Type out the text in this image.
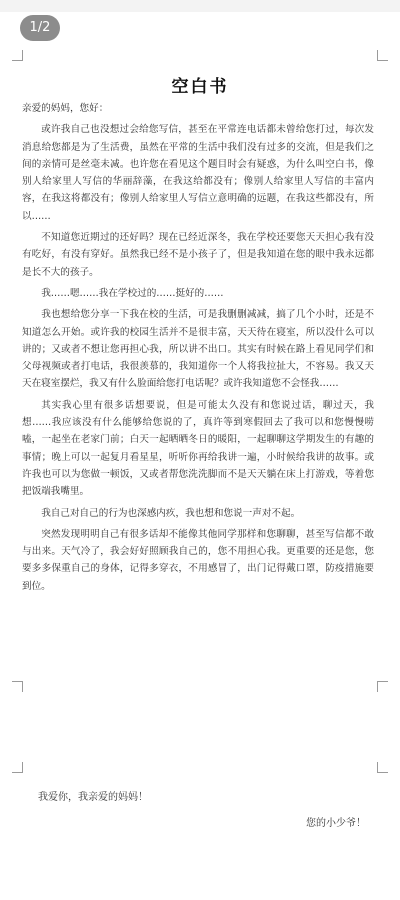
空白书

亲爱的妈妈，您好：

或许我自己也没想过会给您写信，甚至在平常连电话都未曾给您打过，每次发消息给您都是为了生活费，虽然在平常的生活中我们没有过多的交流，但是我们之间的亲情可是丝毫未减。也许您在看见这个题目时会有疑惑，为什么叫空白书，像别人给家里人写信的华丽辞藻，在我这给都没有；像别人给家里人写信的丰富内容，在我这将都没有；像别人给家里人写信立意明确的远题，在我这些都没有，所以……

不知道您近期过的还好吗？现在已经近深冬，我在学校还要您天天担心我有没有吃好，有没有穿好。虽然我已经不是小孩子了，但是我知道在您的眼中我永远都是长不大的孩子。

我……嗯……我在学校过的……挺好的……

我也想给您分享一下我在校的生活，可是我删删减减，搞了几个小时，还是不知道怎么开始。或许我的校园生活并不是很丰富，天天待在寝室，所以没什么可以讲的；又或者不想让您再担心我，所以讲不出口。其实有时候在路上看见同学们和父母视频或者打电话，我很羡慕的，我知道你一个人将我拉扯大，不容易。我又天天在寝室摆烂，我又有什么脸面给您打电话呢？或许我知道您不会怪我……

其实我心里有很多话想要说，但是可能太久没有和您说过话，聊过天，我想……我应该没有什么能够给您说的了，真许等到寒假回去了我可以和您慢慢唠嗑，一起坐在老家门前；白天一起晒晒冬日的暖阳，一起聊聊这学期发生的有趣的事情；晚上可以一起复月看星星，听听你再给我讲一遍，小时候给我讲的故事。或许我也可以为您做一顿饭，又或者帮您洗洗脚而不是天天躺在床上打游戏，等着您把饭端我嘴里。

我自己对自己的行为也深感内疚，我也想和您说一声对不起。

突然发现明明自己有很多话却不能像其他同学那样和您聊聊，甚至写信都不敢与出来。天气冷了，我会好好照顾我自己的，您不用担心我。更重要的还是您，您要多多保重自己的身体，记得多穿衣，不用感冒了，出门记得戴口罩，防疫措施要到位。

我爱你，我亲爱的妈妈！
您的小少爷！
1/2
